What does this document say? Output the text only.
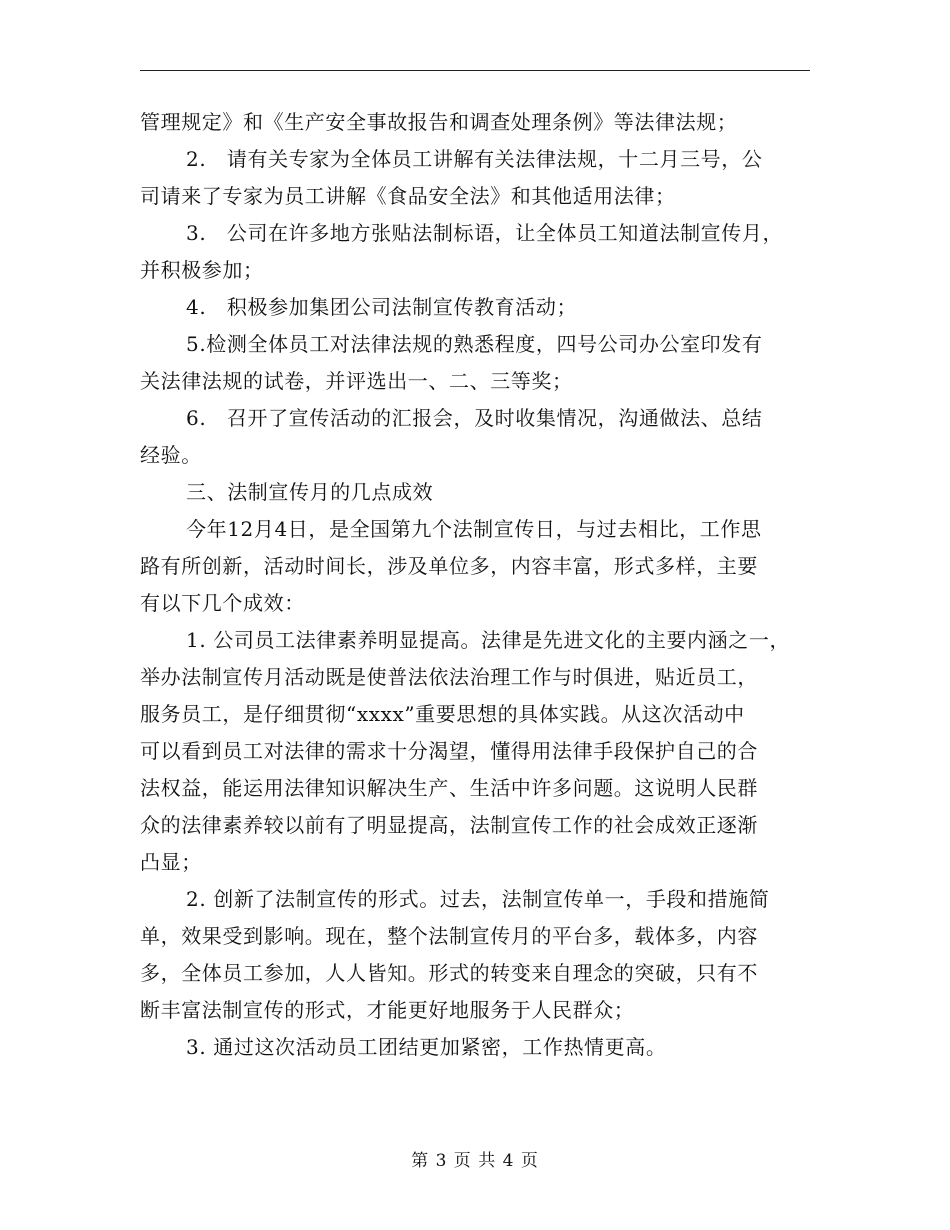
管理规定》和《生产安全事故报告和调查处理条例》等法律法规；
2.　请有关专家为全体员工讲解有关法律法规，十二月三号，公
司请来了专家为员工讲解《食品安全法》和其他适用法律；
3.　公司在许多地方张贴法制标语，让全体员工知道法制宣传月，
并积极参加；
4.　积极参加集团公司法制宣传教育活动；
5.检测全体员工对法律法规的熟悉程度，四号公司办公室印发有
关法律法规的试卷，并评选出一、二、三等奖；
6.　召开了宣传活动的汇报会，及时收集情况，沟通做法、总结
经验。
三、法制宣传月的几点成效
今年12月4日，是全国第九个法制宣传日，与过去相比，工作思
路有所创新，活动时间长，涉及单位多，内容丰富，形式多样，主要
有以下几个成效：
1. 公司员工法律素养明显提高。法律是先进文化的主要内涵之一，
举办法制宣传月活动既是使普法依法治理工作与时俱进，贴近员工，
服务员工，是仔细贯彻“xxxx”重要思想的具体实践。从这次活动中
可以看到员工对法律的需求十分渴望，懂得用法律手段保护自己的合
法权益，能运用法律知识解决生产、生活中许多问题。这说明人民群
众的法律素养较以前有了明显提高，法制宣传工作的社会成效正逐渐
凸显；
2. 创新了法制宣传的形式。过去，法制宣传单一，手段和措施简
单，效果受到影响。现在，整个法制宣传月的平台多，载体多，内容
多，全体员工参加，人人皆知。形式的转变来自理念的突破，只有不
断丰富法制宣传的形式，才能更好地服务于人民群众；
3. 通过这次活动员工团结更加紧密，工作热情更高。
第 3 页 共 4 页
